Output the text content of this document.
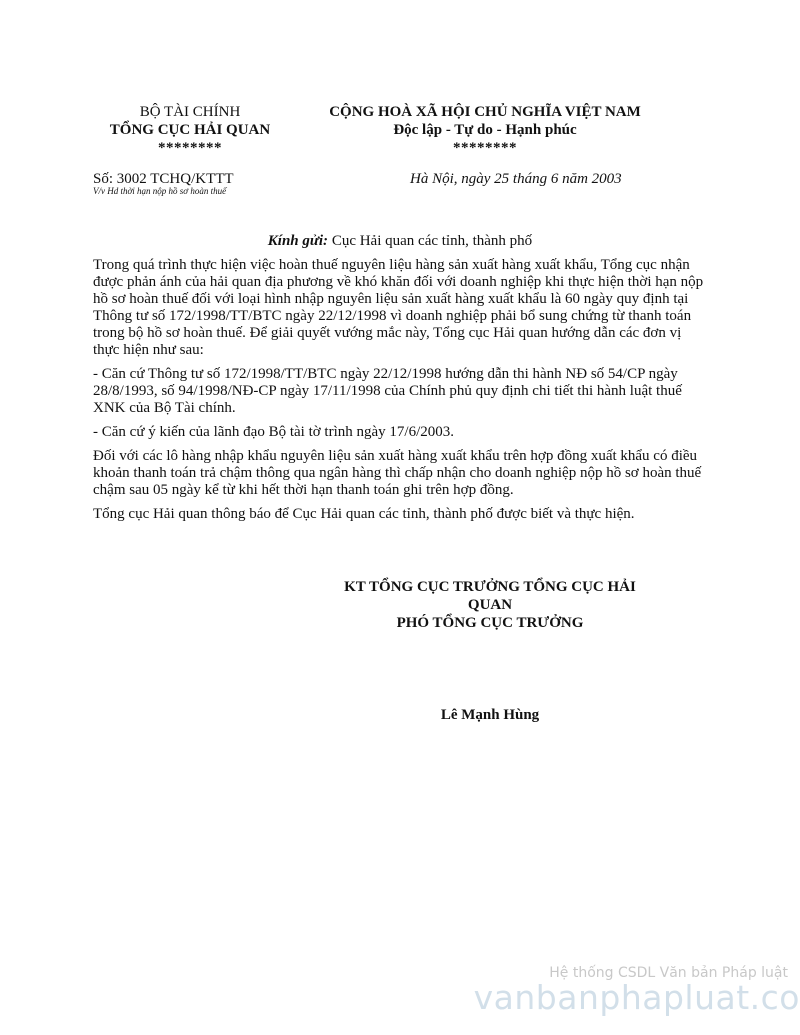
BỘ TÀI CHÍNH
TỔNG CỤC HẢI QUAN
********
CỘNG HOÀ XÃ HỘI CHỦ NGHĨA VIỆT NAM
Độc lập - Tự do - Hạnh phúc
********
Số: 3002 TCHQ/KTTT
V/v Hd thời hạn nộp hồ sơ hoàn thuế
Hà Nội, ngày 25 tháng 6 năm 2003
Kính gửi: Cục Hải quan các tỉnh, thành phố

Trong quá trình thực hiện việc hoàn thuế nguyên liệu hàng sản xuất hàng xuất khẩu, Tổng cục nhận được phản ánh của hải quan địa phương về khó khăn đối với doanh nghiệp khi thực hiện thời hạn nộp hồ sơ hoàn thuế đối với loại hình nhập nguyên liệu sản xuất hàng xuất khẩu là 60 ngày quy định tại Thông tư số 172/1998/TT/BTC ngày 22/12/1998 vì doanh nghiệp phải bổ sung chứng từ thanh toán trong bộ hồ sơ hoàn thuế. Để giải quyết vướng mắc này, Tổng cục Hải quan hướng dẫn các đơn vị thực hiện như sau:

- Căn cứ Thông tư số 172/1998/TT/BTC ngày 22/12/1998 hướng dẫn thi hành NĐ số 54/CP ngày 28/8/1993, số 94/1998/NĐ-CP ngày 17/11/1998 của Chính phủ quy định chi tiết thi hành luật thuế XNK của Bộ Tài chính.

- Căn cứ ý kiến của lãnh đạo Bộ tài tờ trình ngày 17/6/2003.

Đối với các lô hàng nhập khẩu nguyên liệu sản xuất hàng xuất khẩu trên hợp đồng xuất khẩu có điều khoản thanh toán trả chậm thông qua ngân hàng thì chấp nhận cho doanh nghiệp nộp hồ sơ hoàn thuế chậm sau 05 ngày kể từ khi hết thời hạn thanh toán ghi trên hợp đồng.

Tổng cục Hải quan thông báo để Cục Hải quan các tỉnh, thành phố được biết và thực hiện.

KT TỔNG CỤC TRƯỞNG TỔNG CỤC HẢI
QUAN
PHÓ TỔNG CỤC TRƯỞNG
Lê Mạnh Hùng
Hệ thống CSDL Văn bản Pháp luật
vanbanphapluat.co
